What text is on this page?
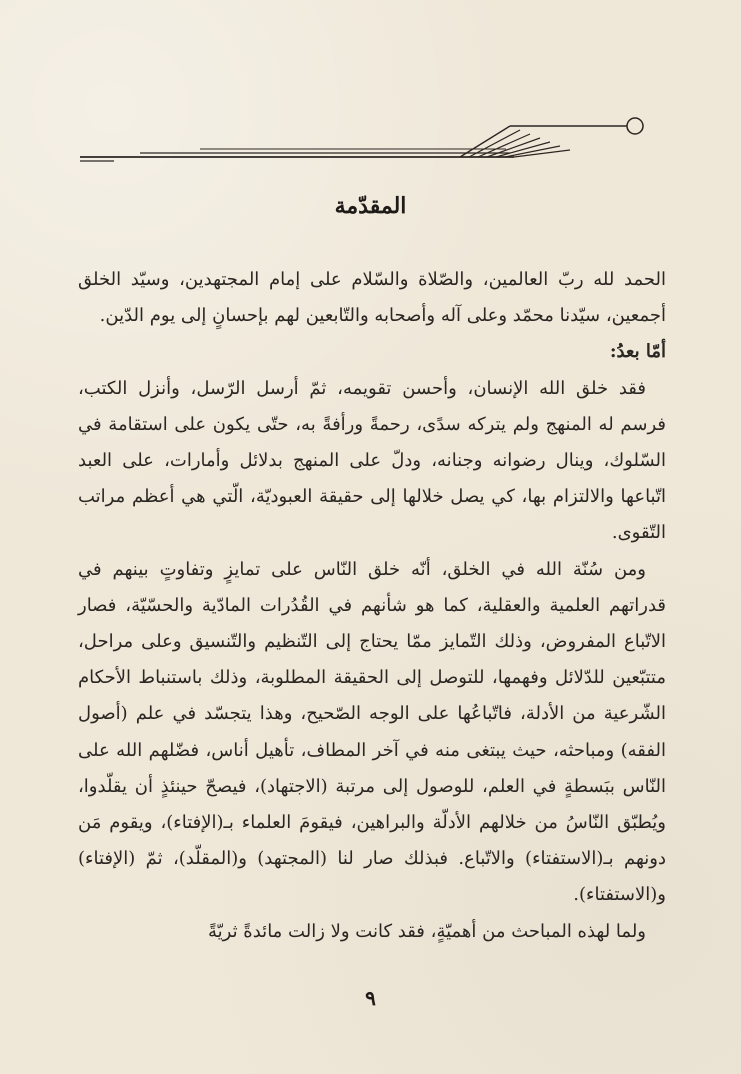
المقدّمة

الحمد لله ربّ العالمين، والصّلاة والسّلام على إمام المجتهدين، وسيّد الخلق أجمعين، سيّدنا محمّد وعلى آله وأصحابه والتّابعين لهم بإحسانٍ إلى يوم الدّين.

أمّا بعدُ:

فقد خلق الله الإنسان، وأحسن تقويمه، ثمّ أرسل الرّسل، وأنزل الكتب، فرسم له المنهج ولم يتركه سدًى، رحمةً ورأفةً به، حتّى يكون على استقامة في السّلوك، وينال رضوانه وجنانه، ودلّ على المنهج بدلائل وأمارات، على العبد اتّباعها والالتزام بها، كي يصل خلالها إلى حقيقة العبوديّة، الّتي هي أعظم مراتب التّقوى.

ومن سُنّة الله في الخلق، أنّه خلق النّاس على تمايزٍ وتفاوتٍ بينهم في قدراتهم العلمية والعقلية، كما هو شأنهم في القُدُرات المادّية والحسّيّة، فصار الاتّباع المفروض، وذلك التّمايز ممّا يحتاج إلى التّنظيم والتّنسيق وعلى مراحل، متتبّعين للدّلائل وفهمها، للتوصل إلى الحقيقة المطلوبة، وذلك باستنباط الأحكام الشّرعية من الأدلة، فاتّباعُها على الوجه الصّحيح، وهذا يتجسّد في علم (أصول الفقه) ومباحثه، حيث يبتغى منه في آخر المطاف، تأهيل أناس، فضّلهم الله على النّاس ببَسطةٍ في العلم، للوصول إلى مرتبة (الاجتهاد)، فيصحّ حينئذٍ أن يقلّدوا، ويُطبّق النّاسُ من خلالهم الأدلّة والبراهين، فيقومَ العلماء بـ(الإفتاء)، ويقوم مَن دونهم بـ(الاستفتاء) والاتّباع. فبذلك صار لنا (المجتهد) و(المقلّد)، ثمّ (الإفتاء) و(الاستفتاء).

ولما لهذه المباحث من أهميّةٍ، فقد كانت ولا زالت مائدةً ثريّةً

٩
